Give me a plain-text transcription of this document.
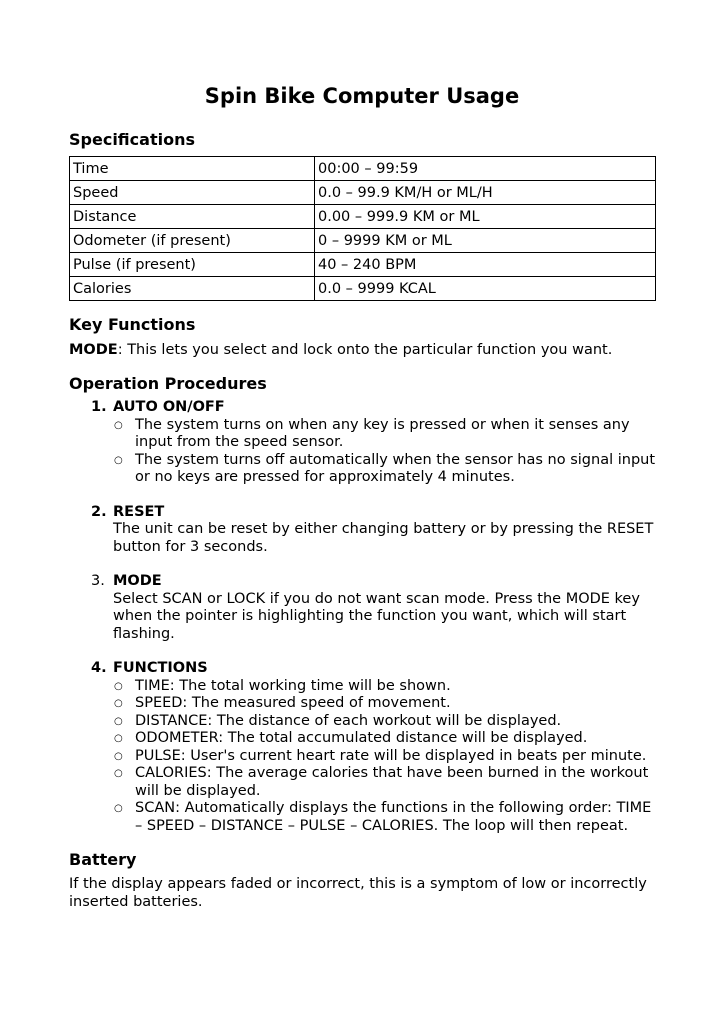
Spin Bike Computer Usage
Specifications
Time	00:00 – 99:59
Speed	0.0 – 99.9 KM/H or ML/H
Distance	0.00 – 999.9 KM or ML
Odometer (if present)	0 – 9999 KM or ML
Pulse (if present)	40 – 240 BPM
Calories	0.0 – 9999 KCAL
Key Functions

MODE: This lets you select and lock onto the particular function you want.

Operation Procedures
1. AUTO ON/OFF
○ The system turns on when any key is pressed or when it senses any input from the speed sensor.
○ The system turns off automatically when the sensor has no signal input or no keys are pressed for approximately 4 minutes.
2. RESET
The unit can be reset by either changing battery or by pressing the RESET button for 3 seconds.
3. MODE
Select SCAN or LOCK if you do not want scan mode. Press the MODE key when the pointer is highlighting the function you want, which will start flashing.
4. FUNCTIONS
○ TIME: The total working time will be shown.
○ SPEED: The measured speed of movement.
○ DISTANCE: The distance of each workout will be displayed.
○ ODOMETER: The total accumulated distance will be displayed.
○ PULSE: User's current heart rate will be displayed in beats per minute.
○ CALORIES: The average calories that have been burned in the workout will be displayed.
○ SCAN: Automatically displays the functions in the following order: TIME – SPEED – DISTANCE – PULSE – CALORIES. The loop will then repeat.
Battery

If the display appears faded or incorrect, this is a symptom of low or incorrectly inserted batteries.
